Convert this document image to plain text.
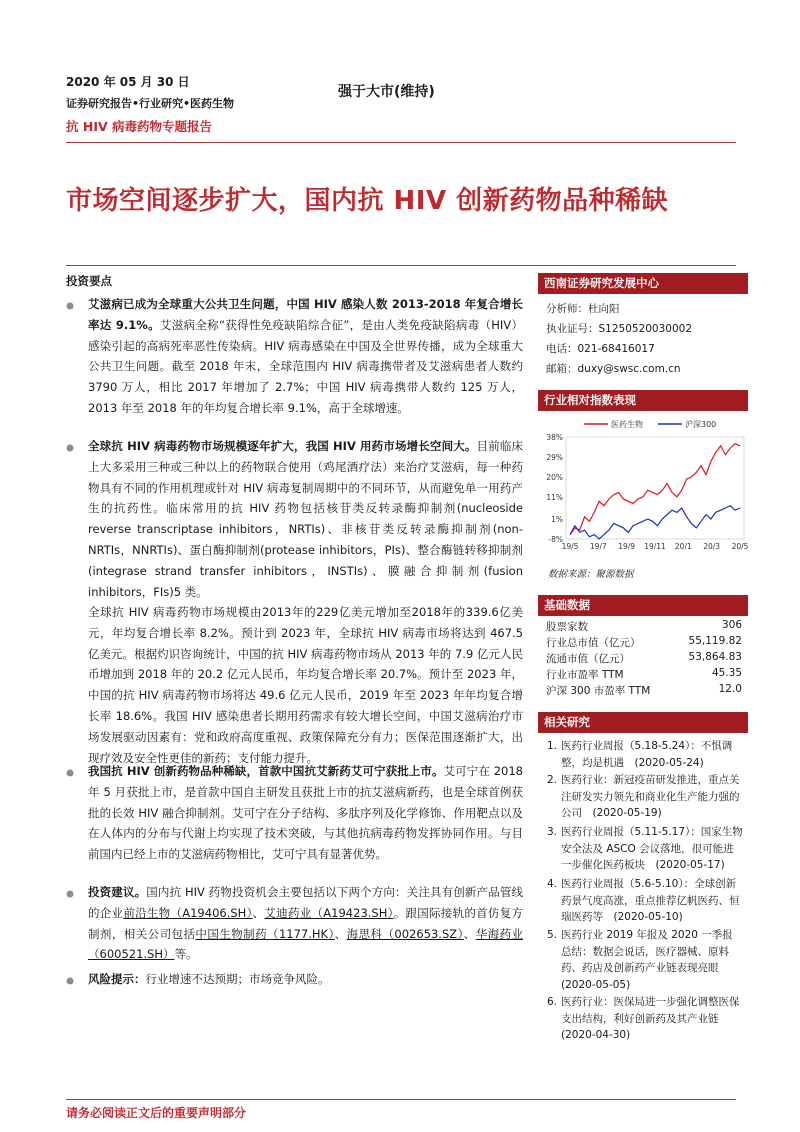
2020 年 05 月 30 日
证券研究报告•行业研究•医药生物
抗 HIV 病毒药物专题报告
强于大市(维持)
市场空间逐步扩大，国内抗 HIV 创新药物品种稀缺
投资要点
艾滋病已成为全球重大公共卫生问题，中国 HIV 感染人数 2013-2018 年复合增长率达 9.1%。艾滋病全称“获得性免疫缺陷综合征”，是由人类免疫缺陷病毒（HIV）感染引起的高病死率恶性传染病。HIV 病毒感染在中国及全世界传播，成为全球重大公共卫生问题。截至 2018 年末，全球范围内 HIV 病毒携带者及艾滋病患者人数约 3790 万人，相比 2017 年增加了 2.7%；中国 HIV 病毒携带人数约 125 万人，2013 年至 2018 年的年均复合增长率 9.1%，高于全球增速。
全球抗 HIV 病毒药物市场规模逐年扩大，我国 HIV 用药市场增长空间大。目前临床上大多采用三种或三种以上的药物联合使用（鸡尾酒疗法）来治疗艾滋病，每一种药物具有不同的作用机理或针对 HIV 病毒复制周期中的不同环节，从而避免单一用药产生的抗药性。临床常用的抗 HIV 药物包括核苷类反转录酶抑制剂(nucleoside reverse transcriptase inhibitors，NRTIs)、非核苷类反转录酶抑制剂(non-NRTIs，NNRTIs)、蛋白酶抑制剂(protease inhibitors，PIs)、整合酶链转移抑制剂(integrase strand transfer inhibitors，INSTIs)、膜融合抑制剂(fusion inhibitors，FIs)5 类。
全球抗 HIV 病毒药物市场规模由2013年的229亿美元增加至2018年的339.6亿美元，年均复合增长率 8.2%。预计到 2023 年，全球抗 HIV 病毒市场将达到 467.5 亿美元。根据灼识咨询统计，中国的抗 HIV 病毒药物市场从 2013 年的 7.9 亿元人民币增加到 2018 年的 20.2 亿元人民币，年均复合增长率 20.7%。预计至 2023 年，中国的抗 HIV 病毒药物市场将达 49.6 亿元人民币，2019 年至 2023 年年均复合增长率 18.6%。我国 HIV 感染患者长期用药需求有较大增长空间，中国艾滋病治疗市场发展驱动因素有：党和政府高度重视、政策保障充分有力；医保范围逐渐扩大，出现疗效及安全性更佳的新药；支付能力提升。
我国抗 HIV 创新药物品种稀缺，首款中国抗艾新药艾可宁获批上市。艾可宁在 2018 年 5 月获批上市，是首款中国自主研发且获批上市的抗艾滋病新药，也是全球首例获批的长效 HIV 融合抑制剂。艾可宁在分子结构、多肽序列及化学修饰、作用靶点以及在人体内的分布与代谢上均实现了技术突破，与其他抗病毒药物发挥协同作用。与目前国内已经上市的艾滋病药物相比，艾可宁具有显著优势。
投资建议。国内抗 HIV 药物投资机会主要包括以下两个方向：关注具有创新产品管线的企业前沿生物（A19406.SH）、艾迪药业（A19423.SH）。跟国际接轨的首仿复方制剂，相关公司包括中国生物制药（1177.HK）、海思科（002653.SZ）、华海药业（600521.SH）等。
风险提示：行业增速不达预期；市场竞争风险。
西南证券研究发展中心
分析师：杜向阳
执业证号：S1250520030002
电话：021-68416017
邮箱：duxy@swsc.com.cn
行业相对指数表现
38%
29%
20%
11%
1%
-8%
19/5 19/7 19/9 19/11 20/1 20/3 20/5
医药生物	沪深300
数据来源：聚源数据
基础数据
股票家数	306
行业总市值（亿元）	55,119.82
流通市值（亿元）	53,864.83
行业市盈率 TTM	45.35
沪深 300 市盈率 TTM	12.0
相关研究
1. 医药行业周报（5.18-5.24）：不惧调整，均是机遇　(2020-05-24)
2. 医药行业：新冠疫苗研发推进，重点关注研发实力领先和商业化生产能力强的公司　(2020-05-19)
3. 医药行业周报（5.11-5.17）：国家生物安全法及 ASCO 会议落地，很可能进一步催化医药板块　(2020-05-17)
4. 医药行业周报（5.6-5.10）：全球创新药景气度高涨，重点推荐亿帆医药、恒瑞医药等　(2020-05-10)
5. 医药行业 2019 年报及 2020 一季报总结：数据会说话，医疗器械、原料药、药店及创新药产业链表现亮眼　(2020-05-05)
6. 医药行业：医保局进一步强化调整医保支出结构，利好创新药及其产业链　(2020-04-30)
请务必阅读正文后的重要声明部分
